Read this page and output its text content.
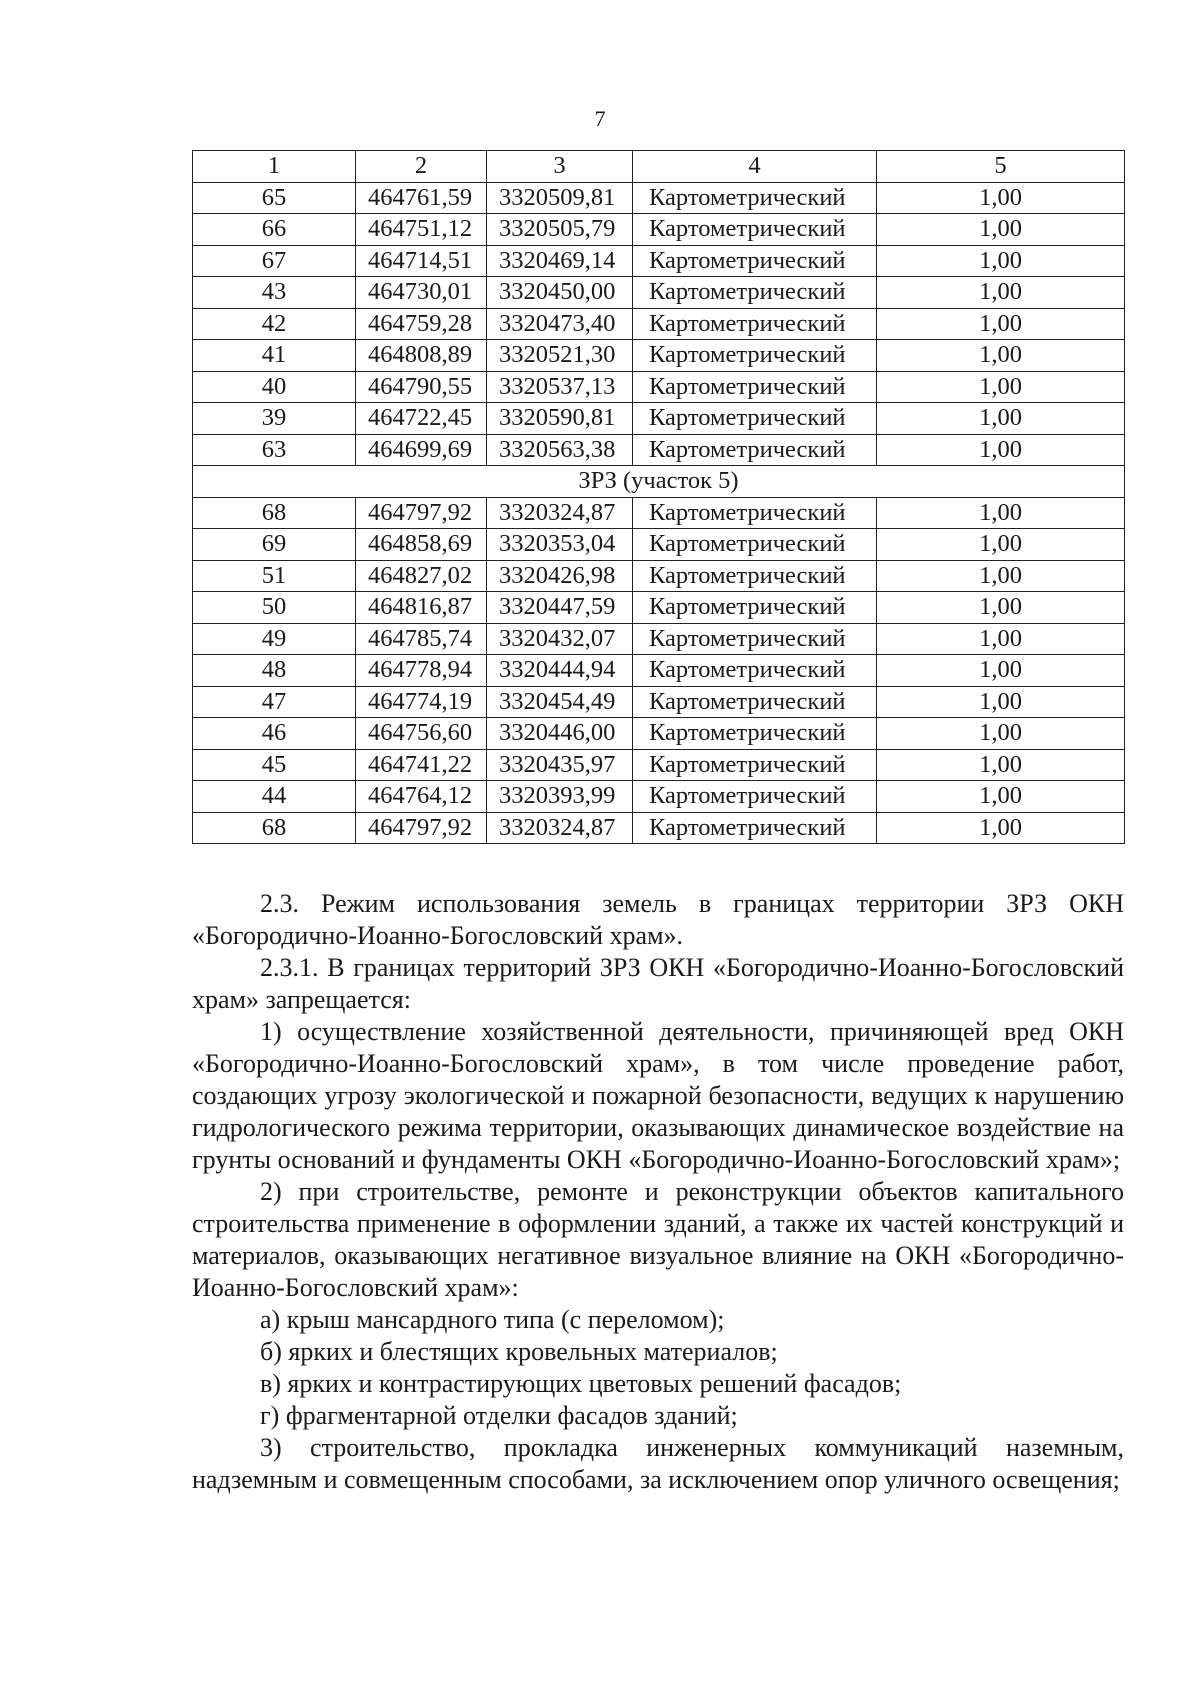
7
1	2	3	4	5
65	464761,59	3320509,81	Картометрический	1,00
66	464751,12	3320505,79	Картометрический	1,00
67	464714,51	3320469,14	Картометрический	1,00
43	464730,01	3320450,00	Картометрический	1,00
42	464759,28	3320473,40	Картометрический	1,00
41	464808,89	3320521,30	Картометрический	1,00
40	464790,55	3320537,13	Картометрический	1,00
39	464722,45	3320590,81	Картометрический	1,00
63	464699,69	3320563,38	Картометрический	1,00
ЗРЗ (участок 5)				
68	464797,92	3320324,87	Картометрический	1,00
69	464858,69	3320353,04	Картометрический	1,00
51	464827,02	3320426,98	Картометрический	1,00
50	464816,87	3320447,59	Картометрический	1,00
49	464785,74	3320432,07	Картометрический	1,00
48	464778,94	3320444,94	Картометрический	1,00
47	464774,19	3320454,49	Картометрический	1,00
46	464756,60	3320446,00	Картометрический	1,00
45	464741,22	3320435,97	Картометрический	1,00
44	464764,12	3320393,99	Картометрический	1,00
68	464797,92	3320324,87	Картометрический	1,00

2.3. Режим использования земель в границах территории ЗРЗ ОКН «Богородично-Иоанно-Богословский храм».

2.3.1. В границах территорий ЗРЗ ОКН «Богородично-Иоанно-Богословский храм» запрещается:

1) осуществление хозяйственной деятельности, причиняющей вред ОКН «Богородично-Иоанно-Богословский храм», в том числе проведение работ, создающих угрозу экологической и пожарной безопасности, ведущих к нарушению гидрологического режима территории, оказывающих динамическое воздействие на грунты оснований и фундаменты ОКН «Богородично-Иоанно-Богословский храм»;

2) при строительстве, ремонте и реконструкции объектов капитального строительства применение в оформлении зданий, а также их частей конструкций и материалов, оказывающих негативное визуальное влияние на ОКН «Богородично-Иоанно-Богословский храм»:

а) крыш мансардного типа (с переломом);

б) ярких и блестящих кровельных материалов;

в) ярких и контрастирующих цветовых решений фасадов;

г) фрагментарной отделки фасадов зданий;

3) строительство, прокладка инженерных коммуникаций наземным, надземным и совмещенным способами, за исключением опор уличного освещения;
